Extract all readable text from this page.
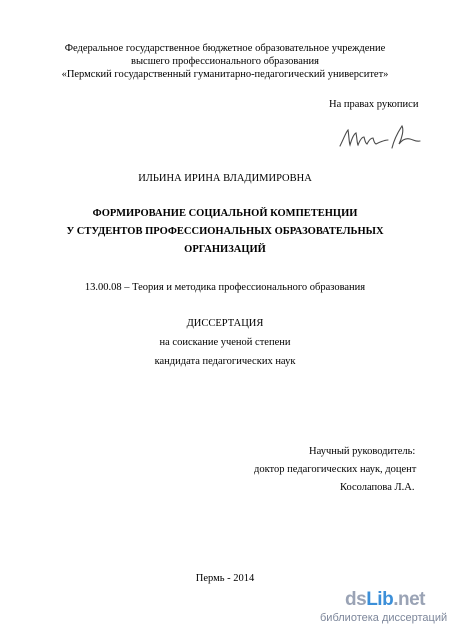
Федеральное государственное бюджетное образовательное учреждение
высшего профессионального образования
«Пермский государственный гуманитарно-педагогический университет»
На правах рукописи
ИЛЬИНА ИРИНА ВЛАДИМИРОВНА
ФОРМИРОВАНИЕ СОЦИАЛЬНОЙ КОМПЕТЕНЦИИ
У СТУДЕНТОВ ПРОФЕССИОНАЛЬНЫХ ОБРАЗОВАТЕЛЬНЫХ
ОРГАНИЗАЦИЙ
13.00.08 – Теория и методика профессионального образования
ДИССЕРТАЦИЯ
на соискание ученой степени
кандидата педагогических наук
Научный руководитель:
доктор педагогических наук, доцент
Косолапова Л.А.
Пермь - 2014
dsLib.net
библиотека диссертаций
